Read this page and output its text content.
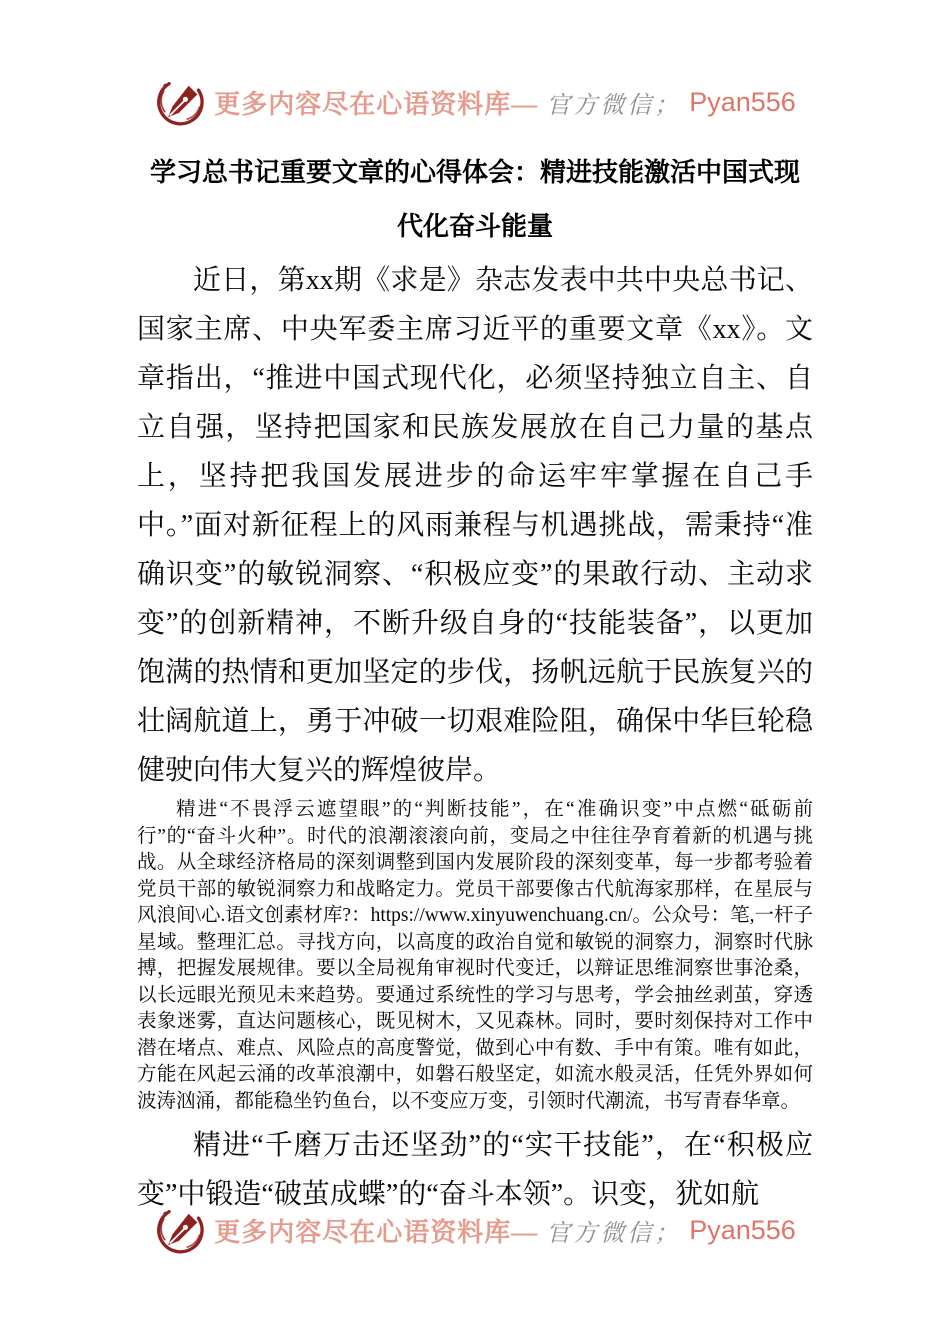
更多内容尽在心语资料库— 官方微信； Pyan556
学习总书记重要文章的心得体会：精进技能激活中国式现代化奋斗能量

近日，第xx期《求是》杂志发表中共中央总书记、国家主席、中央军委主席习近平的重要文章《xx》。文章指出，“推进中国式现代化，必须坚持独立自主、自立自强，坚持把国家和民族发展放在自己力量的基点上，坚持把我国发展进步的命运牢牢掌握在自己手中。”面对新征程上的风雨兼程与机遇挑战，需秉持“准确识变”的敏锐洞察、“积极应变”的果敢行动、主动求变”的创新精神，不断升级自身的“技能装备”，以更加饱满的热情和更加坚定的步伐，扬帆远航于民族复兴的壮阔航道上，勇于冲破一切艰难险阻，确保中华巨轮稳健驶向伟大复兴的辉煌彼岸。

精进“不畏浮云遮望眼”的“判断技能”，在“准确识变”中点燃“砥砺前行”的“奋斗火种”。时代的浪潮滚滚向前，变局之中往往孕育着新的机遇与挑战。从全球经济格局的深刻调整到国内发展阶段的深刻变革，每一步都考验着党员干部的敏锐洞察力和战略定力。党员干部要像古代航海家那样，在星辰与风浪间\心.语文创素材库?：https://www.xinyuwenchuang.cn/。公众号：笔,一杆子星域。整理汇总。寻找方向，以高度的政治自觉和敏锐的洞察力，洞察时代脉搏，把握发展规律。要以全局视角审视时代变迁，以辩证思维洞察世事沧桑，以长远眼光预见未来趋势。要通过系统性的学习与思考，学会抽丝剥茧，穿透表象迷雾，直达问题核心，既见树木，又见森林。同时，要时刻保持对工作中潜在堵点、难点、风险点的高度警觉，做到心中有数、手中有策。唯有如此，方能在风起云涌的改革浪潮中，如磐石般坚定，如流水般灵活，任凭外界如何波涛汹涌，都能稳坐钓鱼台，以不变应万变，引领时代潮流，书写青春华章。

精进“千磨万击还坚劲”的“实干技能”，在“积极应变”中锻造“破茧成蝶”的“奋斗本领”。识变，犹如航

更多内容尽在心语资料库— 官方微信； Pyan556
